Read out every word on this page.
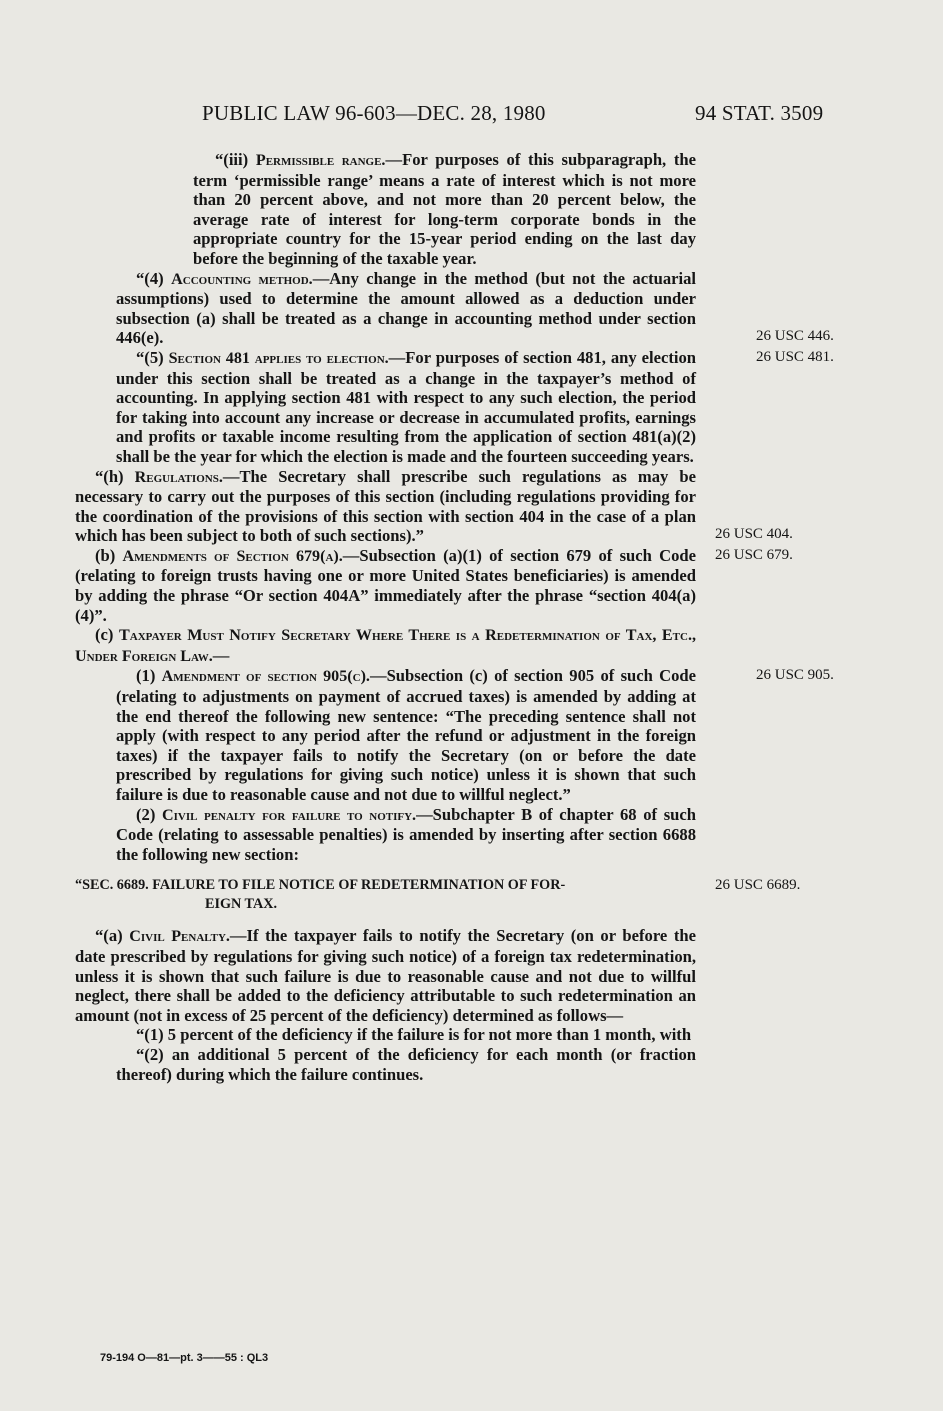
PUBLIC LAW 96-603—DEC. 28, 1980	94 STAT. 3509

“(iii) Permissible range.—For purposes of this subparagraph, the term ‘permissible range’ means a rate of interest which is not more than 20 percent above, and not more than 20 percent below, the average rate of interest for long-term corporate bonds in the appropriate country for the 15-year period ending on the last day before the beginning of the taxable year.

“(4) Accounting method.—Any change in the method (but not the actuarial assumptions) used to determine the amount allowed as a deduction under subsection (a) shall be treated as a change in accounting method under section 446(e).	26 USC 446.

26 USC 481.
“(5) Section 481 applies to election.—For purposes of section 481, any election under this section shall be treated as a change in the taxpayer’s method of accounting. In applying section 481 with respect to any such election, the period for taking into account any increase or decrease in accumulated profits, earnings and profits or taxable income resulting from the application of section 481(a)(2) shall be the year for which the election is made and the fourteen succeeding years.

“(h) Regulations.—The Secretary shall prescribe such regulations as may be necessary to carry out the purposes of this section (including regulations providing for the coordination of the provisions of this section with section 404 in the case of a plan which has been subject to both of such sections).”	26 USC 404.

26 USC 679.
(b) Amendments of Section 679(a).—Subsection (a)(1) of section 679 of such Code (relating to foreign trusts having one or more United States beneficiaries) is amended by adding the phrase “Or section 404A” immediately after the phrase “section 404(a)(4)”.

(c) Taxpayer Must Notify Secretary Where There is a Redetermination of Tax, Etc., Under Foreign Law.—

26 USC 905.
(1) Amendment of section 905(c).—Subsection (c) of section 905 of such Code (relating to adjustments on payment of accrued taxes) is amended by adding at the end thereof the following new sentence: “The preceding sentence shall not apply (with respect to any period after the refund or adjustment in the foreign taxes) if the taxpayer fails to notify the Secretary (on or before the date prescribed by regulations for giving such notice) unless it is shown that such failure is due to reasonable cause and not due to willful neglect.”

(2) Civil penalty for failure to notify.—Subchapter B of chapter 68 of such Code (relating to assessable penalties) is amended by inserting after section 6688 the following new section:

26 USC 6689.
“SEC. 6689. FAILURE TO FILE NOTICE OF REDETERMINATION OF FOR-
EIGN TAX.

“(a) Civil Penalty.—If the taxpayer fails to notify the Secretary (on or before the date prescribed by regulations for giving such notice) of a foreign tax redetermination, unless it is shown that such failure is due to reasonable cause and not due to willful neglect, there shall be added to the deficiency attributable to such redetermination an amount (not in excess of 25 percent of the deficiency) determined as follows—

“(1) 5 percent of the deficiency if the failure is for not more than 1 month, with

“(2) an additional 5 percent of the deficiency for each month (or fraction thereof) during which the failure continues.

79-194 O—81—pt. 3——55 : QL3
